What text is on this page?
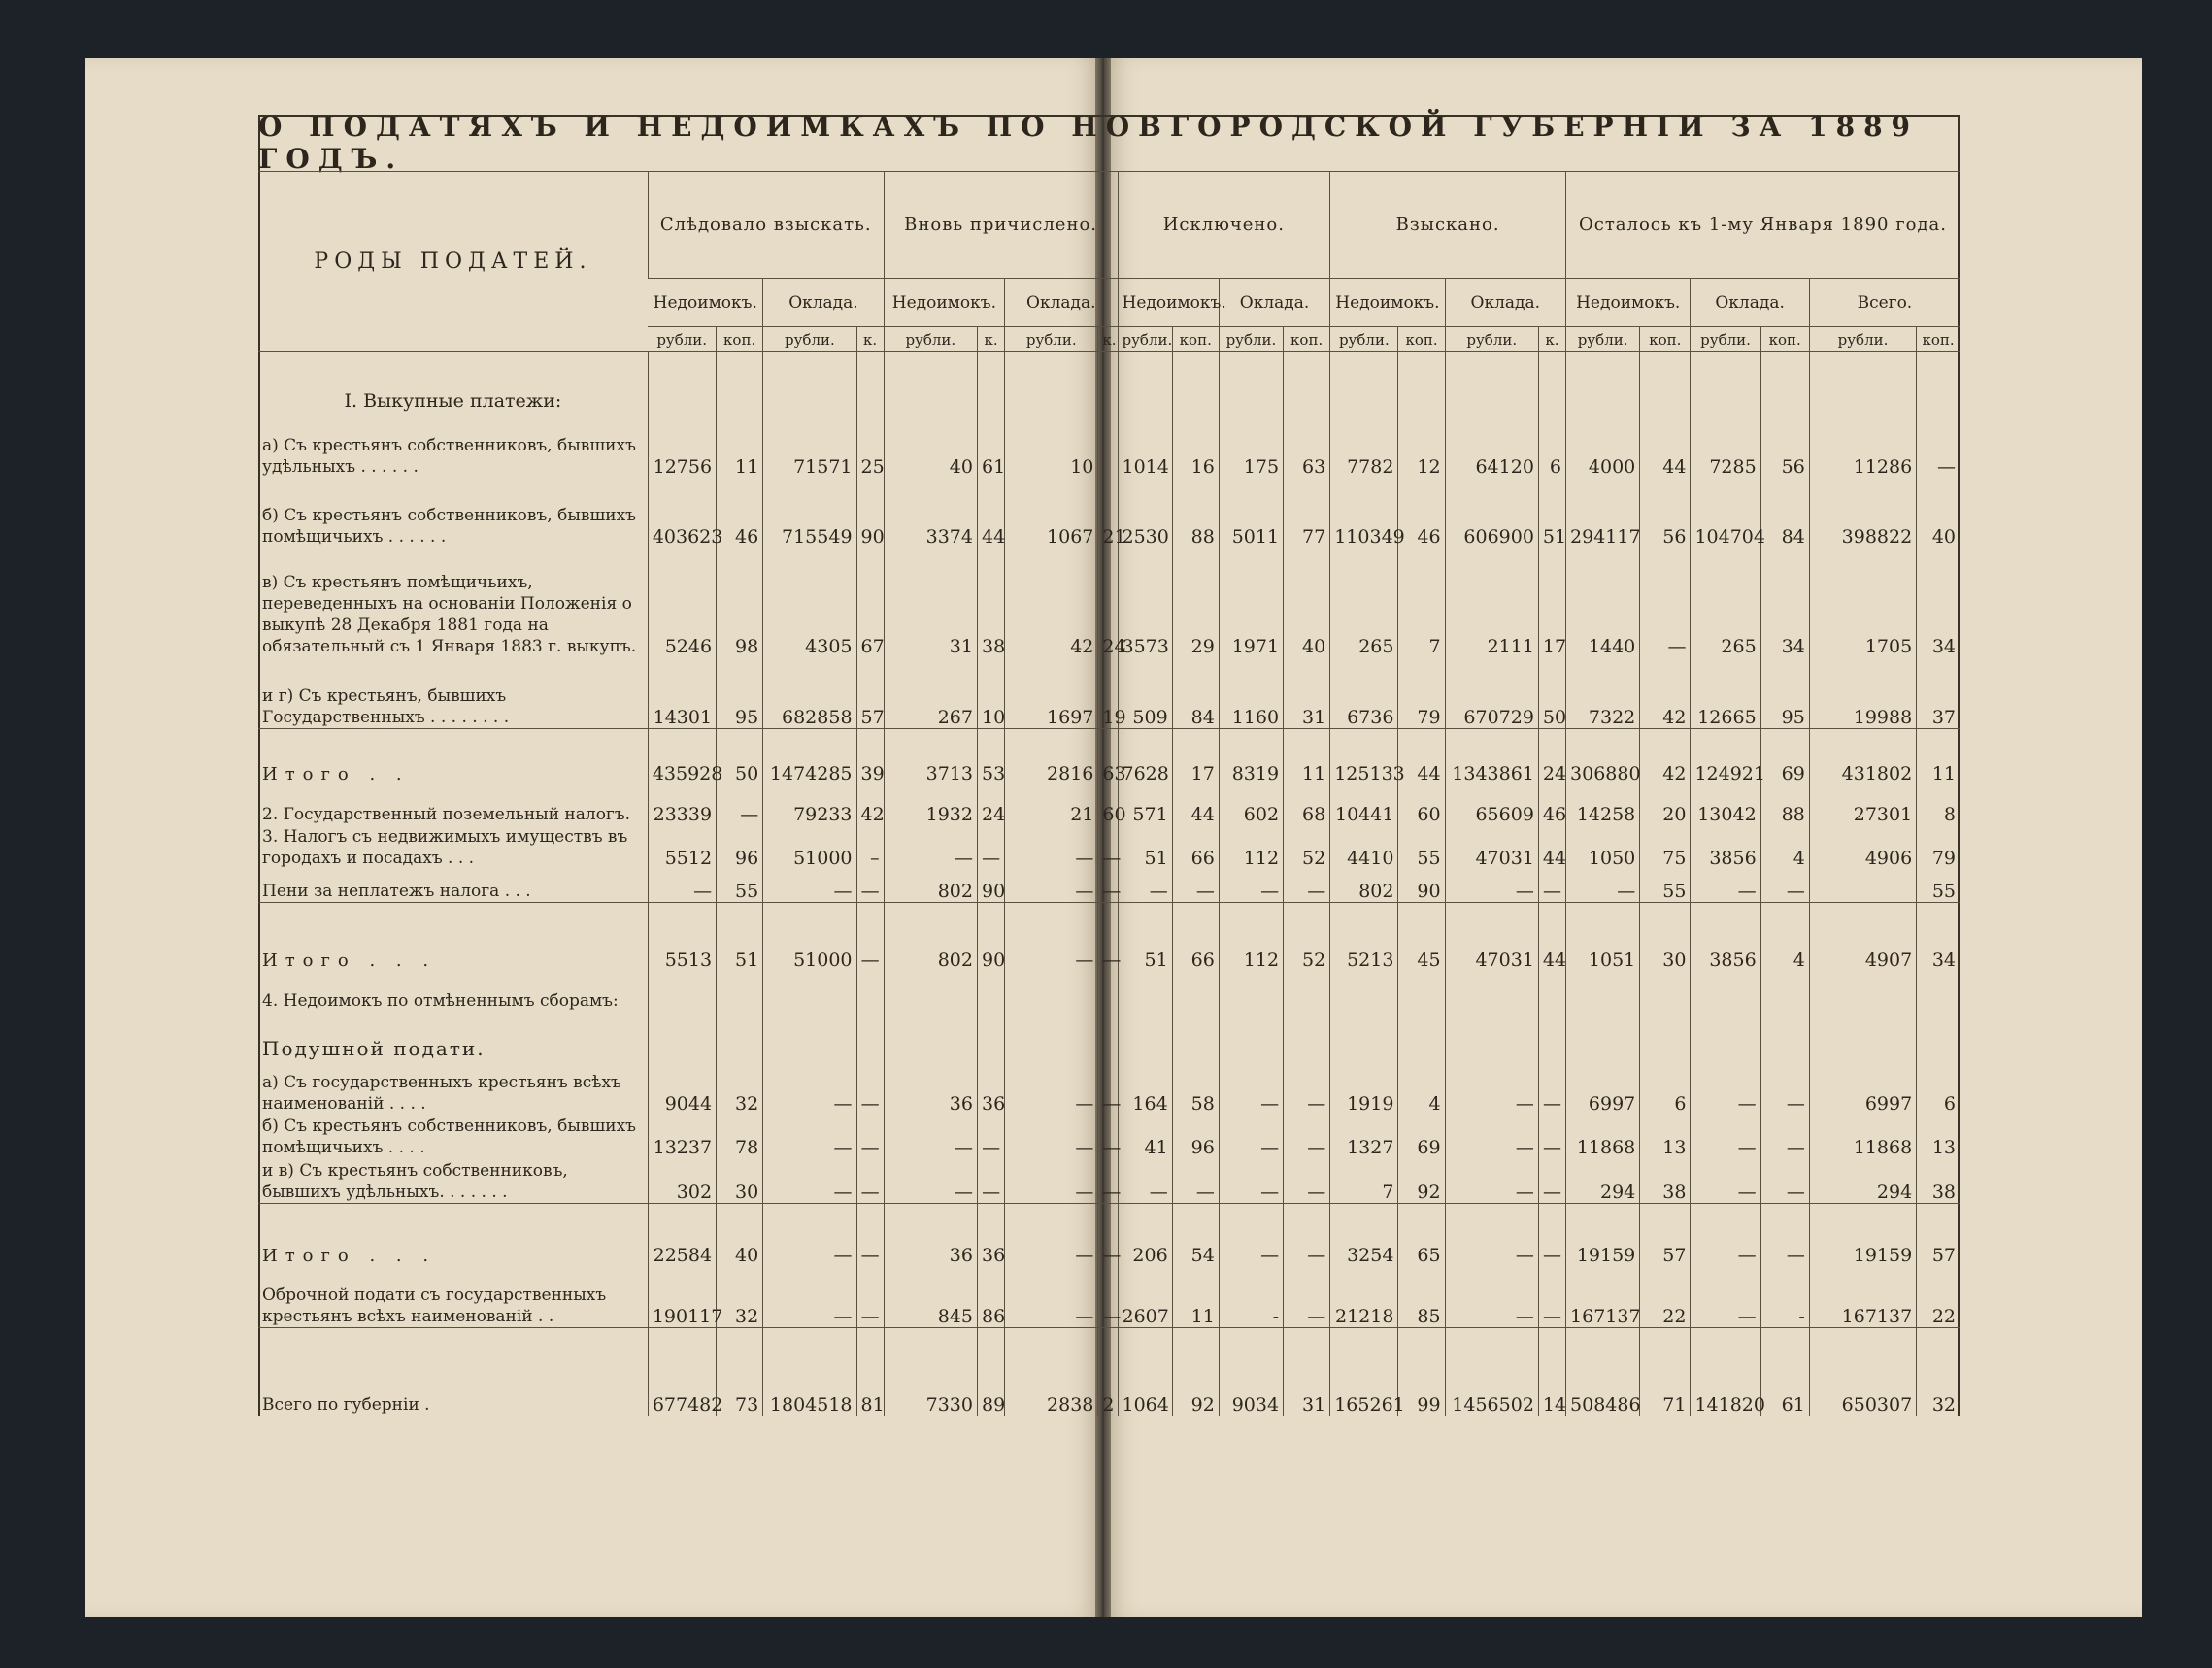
О ПОДАТЯХЪ И НЕДОИМКАХЪ ПО НОВГОРОДСКОЙ ГУБЕРНІИ ЗА 1889 ГОДЪ.
РОДЫ ПОДАТЕЙ.	Слѣдовало взыскать.				Вновь причислено.				Исключено.				Взыскано.				Осталось къ 1-му Января 1890 года.					
	Недоимокъ.		Оклада.		Недоимокъ.		Оклада.		Недоимокъ.		Оклада.		Недоимокъ.		Оклада.		Недоимокъ.		Оклада.		Всего.	
	рубли.	коп.	рубли.	к.	рубли.	к.	рубли.	к.	рубли.	коп.	рубли.	коп.	рубли.	коп.	рубли.	к.	рубли.	коп.	рубли.	коп.	рубли.	коп.
I. Выкупные платежи:																						
а) Съ крестьянъ собственниковъ, бывшихъ удѣльныхъ . . . . . .	12756	11	71571	25	40	61	10		1014	16	175	63	7782	12	64120	6	4000	44	7285	56	11286	—
б) Съ крестьянъ собственниковъ, бывшихъ помѣщичьихъ . . . . . .	403623	46	715549	90	3374	44	1067	21	2530	88	5011	77	110349	46	606900	51	294117	56	104704	84	398822	40
в) Съ крестьянъ помѣщичьихъ, переведенныхъ на основаніи Положенія о выкупѣ 28 Декабря 1881 года на обязательный съ 1 Января 1883 г. выкупъ.	5246	98	4305	67	31	38	42	24	3573	29	1971	40	265	7	2111	17	1440	—	265	34	1705	34
и г) Съ крестьянъ, бывшихъ Государственныхъ . . . . . . . .	14301	95	682858	57	267	10	1697	19	509	84	1160	31	6736	79	670729	50	7322	42	12665	95	19988	37
Итого . .	435928	50	1474285	39	3713	53	2816	63	7628	17	8319	11	125133	44	1343861	24	306880	42	124921	69	431802	11
2. Государственный поземельный налогъ.	23339	—	79233	42	1932	24	21	60	571	44	602	68	10441	60	65609	46	14258	20	13042	88	27301	8
3. Налогъ съ недвижимыхъ имуществъ въ городахъ и посадахъ . . .	5512	96	51000	–	—	—	—	—	51	66	112	52	4410	55	47031	44	1050	75	3856	4	4906	79
Пени за неплатежъ налога . . .	—	55	—	—	802	90	—	—	—	—	—	—	802	90	—	—	—	55	—	—		55
Итого . . .	5513	51	51000	—	802	90	—	—	51	66	112	52	5213	45	47031	44	1051	30	3856	4	4907	34
4. Недоимокъ по отмѣненнымъ сборамъ:																						
Подушной подати.																						
а) Съ государственныхъ крестьянъ всѣхъ наименованій . . . .	9044	32	—	—	36	36	—	—	164	58	—	—	1919	4	—	—	6997	6	—	—	6997	6
б) Съ крестьянъ собственниковъ, бывшихъ помѣщичьихъ . . . .	13237	78	—	—	—	—	—	—	41	96	—	—	1327	69	—	—	11868	13	—	—	11868	13
и в) Съ крестьянъ собственниковъ, бывшихъ удѣльныхъ. . . . . . .	302	30	—	—	—	—	—	—	—	—	—	—	7	92	—	—	294	38	—	—	294	38
Итого . . .	22584	40	—	—	36	36	—	—	206	54	—	—	3254	65	—	—	19159	57	—	—	19159	57
Оброчной подати съ государственныхъ крестьянъ всѣхъ наименованій . .	190117	32	—	—	845	86	—	—	2607	11	-	—	21218	85	—	—	167137	22	—	-	167137	22
Всего по губерніи .	677482	73	1804518	81	7330	89	2838	2	1064	92	9034	31	165261	99	1456502	14	508486	71	141820	61	650307	32
